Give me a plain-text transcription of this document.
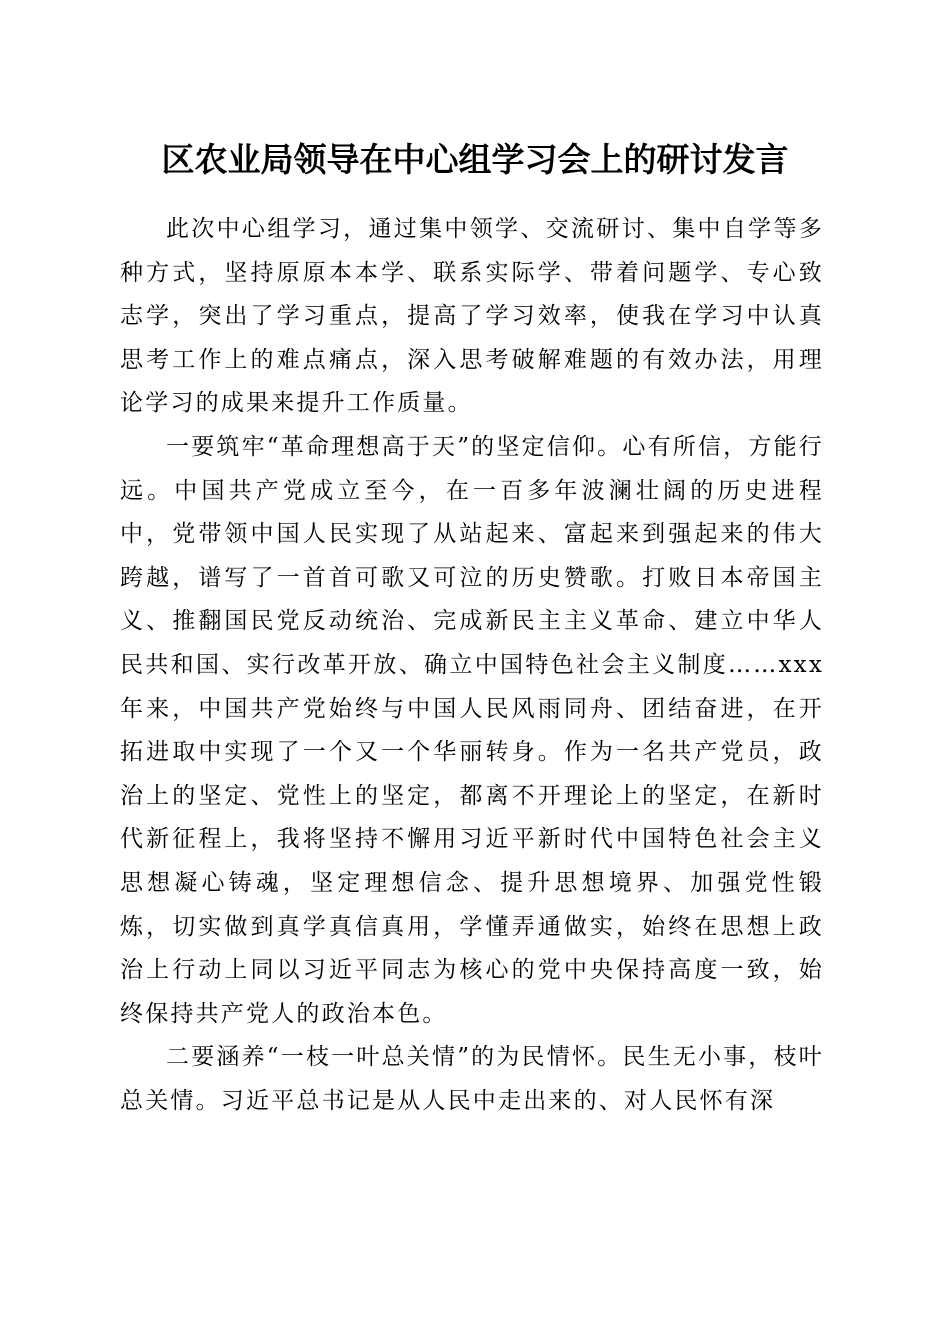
区农业局领导在中心组学习会上的研讨发言

此次中心组学习，通过集中领学、交流研讨、集中自学等多种方式，坚持原原本本学、联系实际学、带着问题学、专心致志学，突出了学习重点，提高了学习效率，使我在学习中认真思考工作上的难点痛点，深入思考破解难题的有效办法，用理论学习的成果来提升工作质量。

一要筑牢“革命理想高于天”的坚定信仰。心有所信，方能行远。中国共产党成立至今，在一百多年波澜壮阔的历史进程中，党带领中国人民实现了从站起来、富起来到强起来的伟大跨越，谱写了一首首可歌又可泣的历史赞歌。打败日本帝国主义、推翻国民党反动统治、完成新民主主义革命、建立中华人民共和国、实行改革开放、确立中国特色社会主义制度……xxx年来，中国共产党始终与中国人民风雨同舟、团结奋进，在开拓进取中实现了一个又一个华丽转身。作为一名共产党员，政治上的坚定、党性上的坚定，都离不开理论上的坚定，在新时代新征程上，我将坚持不懈用习近平新时代中国特色社会主义思想凝心铸魂，坚定理想信念、提升思想境界、加强党性锻炼，切实做到真学真信真用，学懂弄通做实，始终在思想上政治上行动上同以习近平同志为核心的党中央保持高度一致，始终保持共产党人的政治本色。

二要涵养“一枝一叶总关情”的为民情怀。民生无小事，枝叶总关情。习近平总书记是从人民中走出来的、对人民怀有深
